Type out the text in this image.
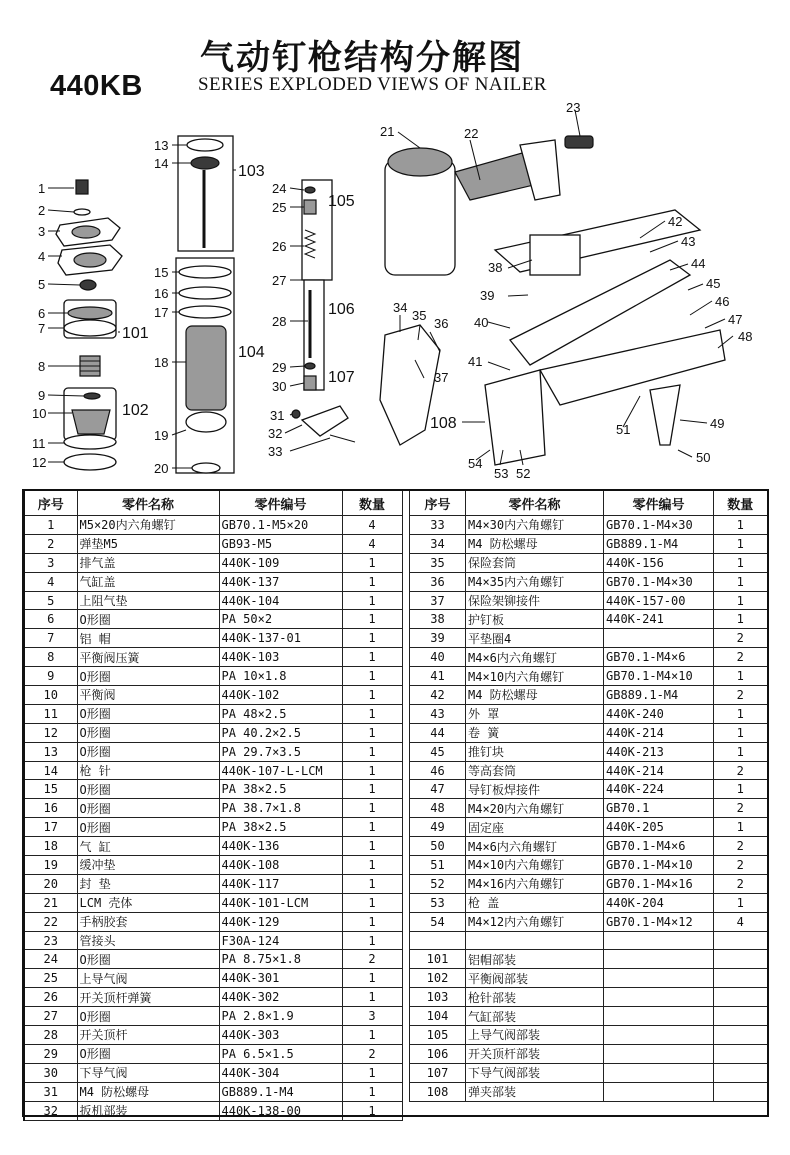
440KB
气动钉枪结构分解图
SERIES EXPLODED VIEWS OF NAILER
1
2
3
4
5
6
7
8
9
10
11
12
13
14
15
16
17
18
19
20
21	22
23
24
25
26
27
28
29
30
31
32
33
34
35
36
37
38
39
40
41
42
43
44
45
46
47
48
49
50
51
52
53
54
101
102
103
104
105
106
107
108
序号	零件名称	零件编号	数量
1	M5×20内六角螺钉	GB70.1-M5×20	4
2	弹垫M5	GB93-M5	4
3	排气盖	440K-109	1
4	气缸盖	440K-137	1
5	上阻气垫	440K-104	1
6	O形圈	PA 50×2	1
7	铝 帽	440K-137-01	1
8	平衡阀压簧	440K-103	1
9	O形圈	PA 10×1.8	1
10	平衡阀	440K-102	1
11	O形圈	PA 48×2.5	1
12	O形圈	PA 40.2×2.5	1
13	O形圈	PA 29.7×3.5	1
14	枪 针	440K-107-L-LCM	1
15	O形圈	PA 38×2.5	1
16	O形圈	PA 38.7×1.8	1
17	O形圈	PA 38×2.5	1
18	气 缸	440K-136	1
19	缓冲垫	440K-108	1
20	封 垫	440K-117	1
21	LCM 壳体	440K-101-LCM	1
22	手柄胶套	440K-129	1
23	管接头	F30A-124	1
24	O形圈	PA 8.75×1.8	2
25	上导气阀	440K-301	1
26	开关顶杆弹簧	440K-302	1
27	O形圈	PA 2.8×1.9	3
28	开关顶杆	440K-303	1
29	O形圈	PA 6.5×1.5	2
30	下导气阀	440K-304	1
31	M4 防松螺母	GB889.1-M4	1
32	扳机部装	440K-138-00	1
序号	零件名称	零件编号	数量
33	M4×30内六角螺钉	GB70.1-M4×30	1
34	M4 防松螺母	GB889.1-M4	1
35	保险套筒	440K-156	1
36	M4×35内六角螺钉	GB70.1-M4×30	1
37	保险架铆接件	440K-157-00	1
38	护钉板	440K-241	1
39	平垫圈4		2
40	M4×6内六角螺钉	GB70.1-M4×6	2
41	M4×10内六角螺钉	GB70.1-M4×10	1
42	M4 防松螺母	GB889.1-M4	2
43	外 罩	440K-240	1
44	卷 簧	440K-214	1
45	推钉块	440K-213	1
46	等高套筒	440K-214	2
47	导钉板焊接件	440K-224	1
48	M4×20内六角螺钉	GB70.1	2
49	固定座	440K-205	1
50	M4×6内六角螺钉	GB70.1-M4×6	2
51	M4×10内六角螺钉	GB70.1-M4×10	2
52	M4×16内六角螺钉	GB70.1-M4×16	2
53	枪 盖	440K-204	1
54	M4×12内六角螺钉	GB70.1-M4×12	4

101	铝帽部装		
102	平衡阀部装		
103	枪针部装		
104	气缸部装		
105	上导气阀部装		
106	开关顶杆部装		
107	下导气阀部装		
108	弹夹部装		
